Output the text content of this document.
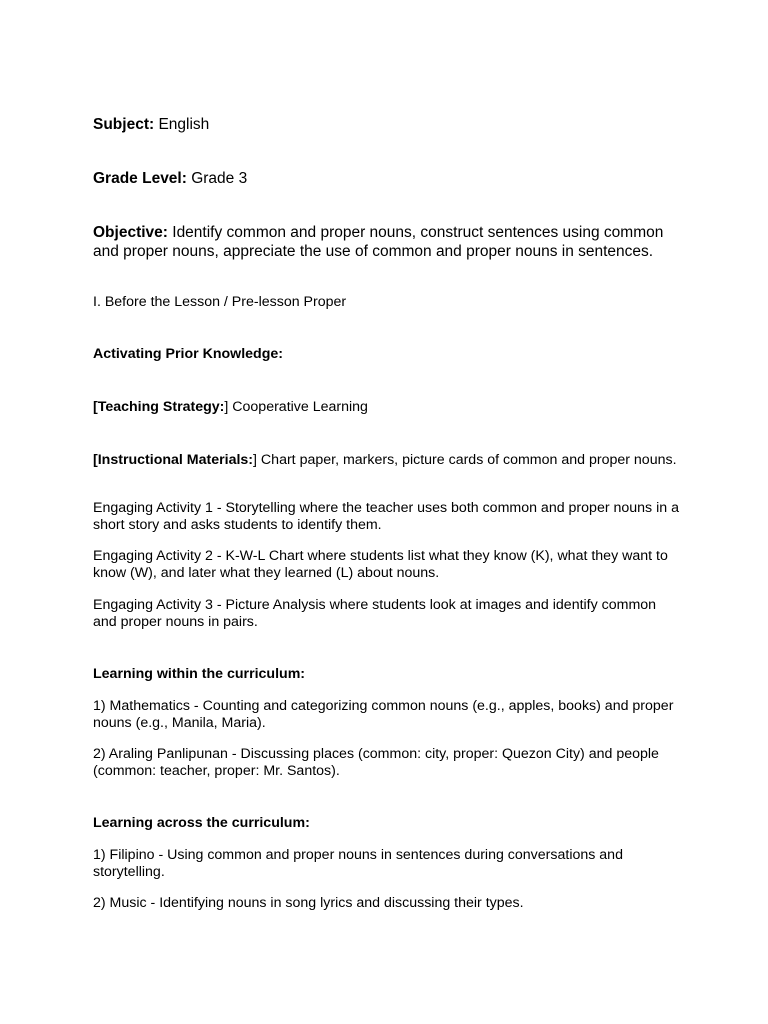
Subject: English

Grade Level: Grade 3

Objective: Identify common and proper nouns, construct sentences using common and proper nouns, appreciate the use of common and proper nouns in sentences.

I. Before the Lesson / Pre-lesson Proper

Activating Prior Knowledge:

[Teaching Strategy:] Cooperative Learning

[Instructional Materials:] Chart paper, markers, picture cards of common and proper nouns.

Engaging Activity 1 - Storytelling where the teacher uses both common and proper nouns in a short story and asks students to identify them.

Engaging Activity 2 - K-W-L Chart where students list what they know (K), what they want to know (W), and later what they learned (L) about nouns.

Engaging Activity 3 - Picture Analysis where students look at images and identify common and proper nouns in pairs.

Learning within the curriculum:

1) Mathematics - Counting and categorizing common nouns (e.g., apples, books) and proper nouns (e.g., Manila, Maria).

2) Araling Panlipunan - Discussing places (common: city, proper: Quezon City) and people (common: teacher, proper: Mr. Santos).

Learning across the curriculum:

1) Filipino - Using common and proper nouns in sentences during conversations and storytelling.

2) Music - Identifying nouns in song lyrics and discussing their types.
